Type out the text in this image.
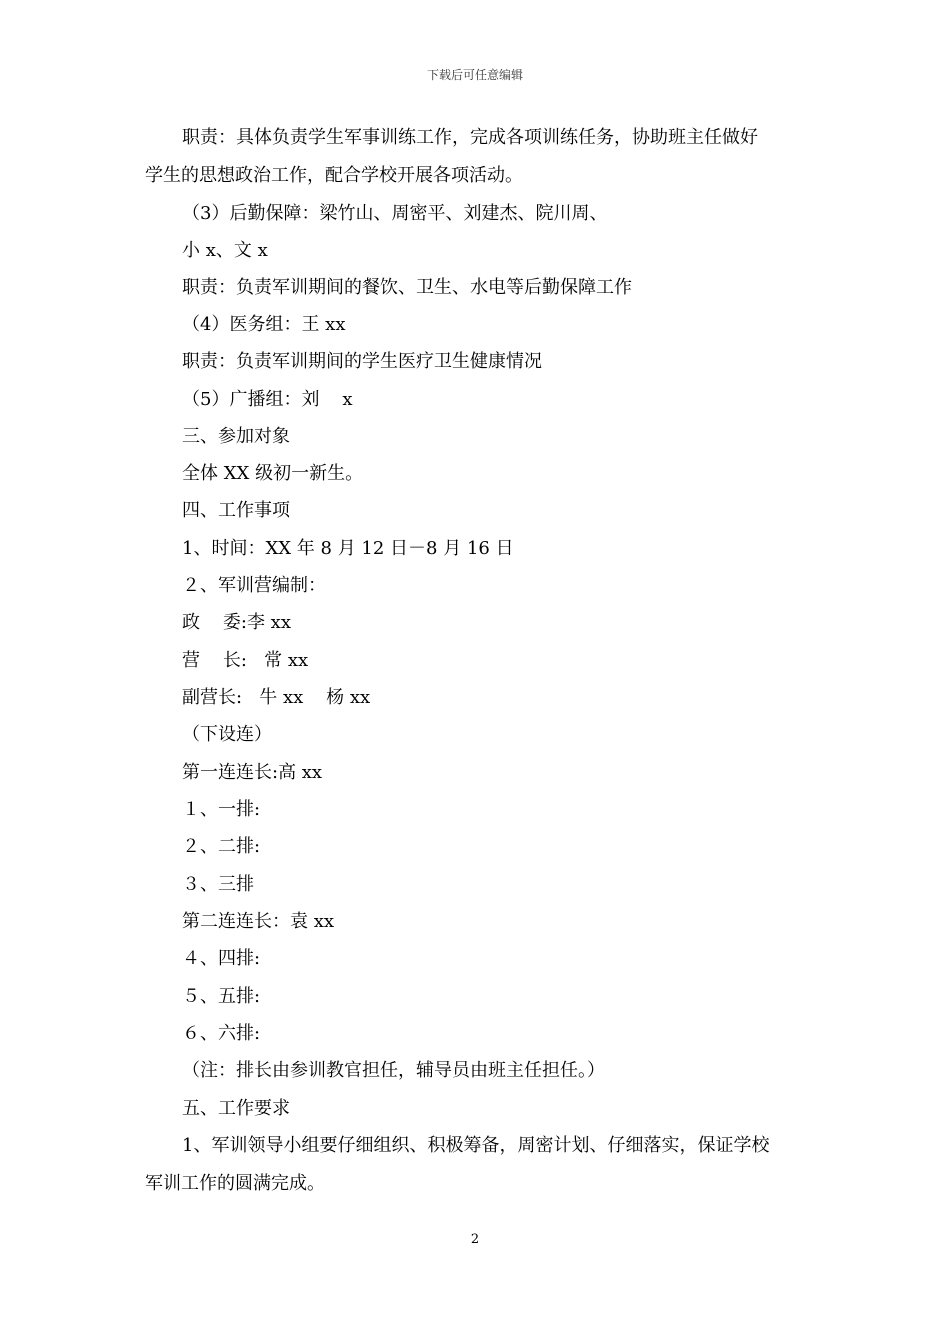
下载后可任意编辑
职责：具体负责学生军事训练工作，完成各项训练任务，协助班主任做好
学生的思想政治工作，配合学校开展各项活动。
（3）后勤保障：梁竹山、周密平、刘建杰、院川周、
小 x、文 x
职责：负责军训期间的餐饮、卫生、水电等后勤保障工作
（4）医务组：王 xx
职责：负责军训期间的学生医疗卫生健康情况
（5）广播组：刘    x
三、参加对象
全体 XX 级初一新生。
四、工作事项
1、时间：XX 年 8 月 12 日－8 月 16 日
２、军训营编制：
政    委:李 xx
营    长:   常 xx
副营长:   牛 xx    杨 xx
（下设连）
第一连连长:高 xx
１、一排:
２、二排:
３、三排
第二连连长：袁 xx
４、四排:
５、五排:
６、六排:
（注：排长由参训教官担任，辅导员由班主任担任。）
五、工作要求
1、军训领导小组要仔细组织、积极筹备，周密计划、仔细落实，保证学校
军训工作的圆满完成。
2
